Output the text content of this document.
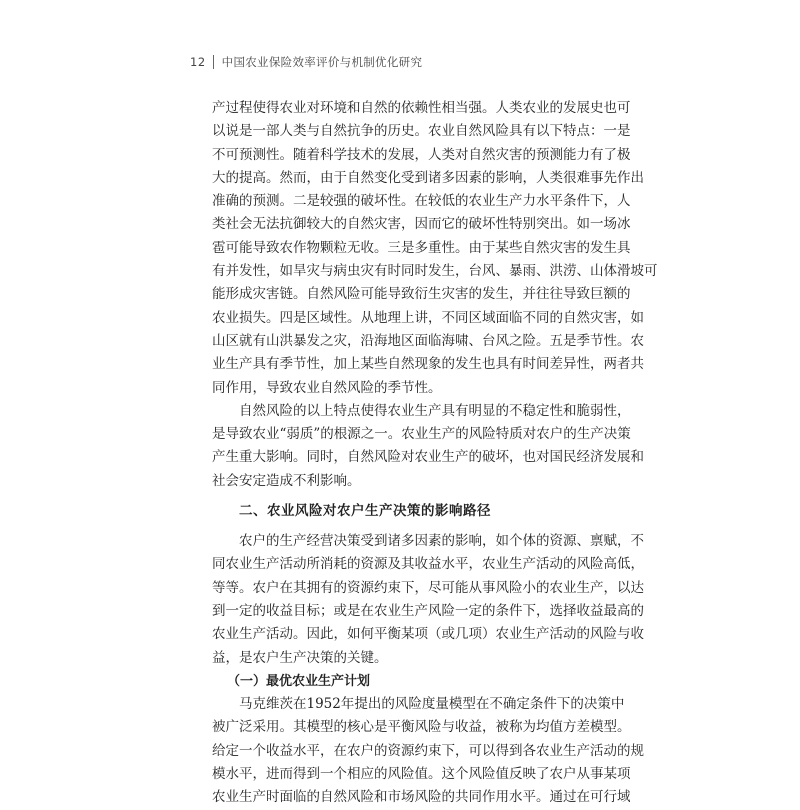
12 中国农业保险效率评价与机制优化研究
产过程使得农业对环境和自然的依赖性相当强。人类农业的发展史也可
以说是一部人类与自然抗争的历史。农业自然风险具有以下特点：一是
不可预测性。随着科学技术的发展，人类对自然灾害的预测能力有了极
大的提高。然而，由于自然变化受到诸多因素的影响，人类很难事先作出
准确的预测。二是较强的破坏性。在较低的农业生产力水平条件下，人
类社会无法抗御较大的自然灾害，因而它的破坏性特别突出。如一场冰
雹可能导致农作物颗粒无收。三是多重性。由于某些自然灾害的发生具
有并发性，如旱灾与病虫灾有时同时发生，台风、暴雨、洪涝、山体滑坡可
能形成灾害链。自然风险可能导致衍生灾害的发生，并往往导致巨额的
农业损失。四是区域性。从地理上讲，不同区域面临不同的自然灾害，如
山区就有山洪暴发之灾，沿海地区面临海啸、台风之险。五是季节性。农
业生产具有季节性，加上某些自然现象的发生也具有时间差异性，两者共
同作用，导致农业自然风险的季节性。
自然风险的以上特点使得农业生产具有明显的不稳定性和脆弱性，
是导致农业“弱质”的根源之一。农业生产的风险特质对农户的生产决策
产生重大影响。同时，自然风险对农业生产的破坏，也对国民经济发展和
社会安定造成不利影响。
二、农业风险对农户生产决策的影响路径
农户的生产经营决策受到诸多因素的影响，如个体的资源、禀赋，不
同农业生产活动所消耗的资源及其收益水平，农业生产活动的风险高低，
等等。农户在其拥有的资源约束下，尽可能从事风险小的农业生产，以达
到一定的收益目标；或是在农业生产风险一定的条件下，选择收益最高的
农业生产活动。因此，如何平衡某项（或几项）农业生产活动的风险与收
益，是农户生产决策的关键。
（一）最优农业生产计划
马克维茨在1952年提出的风险度量模型在不确定条件下的决策中
被广泛采用。其模型的核心是平衡风险与收益，被称为均值方差模型。
给定一个收益水平，在农户的资源约束下，可以得到各农业生产活动的规
模水平，进而得到一个相应的风险值。这个风险值反映了农户从事某项
农业生产时面临的自然风险和市场风险的共同作用水平。通过在可行域
